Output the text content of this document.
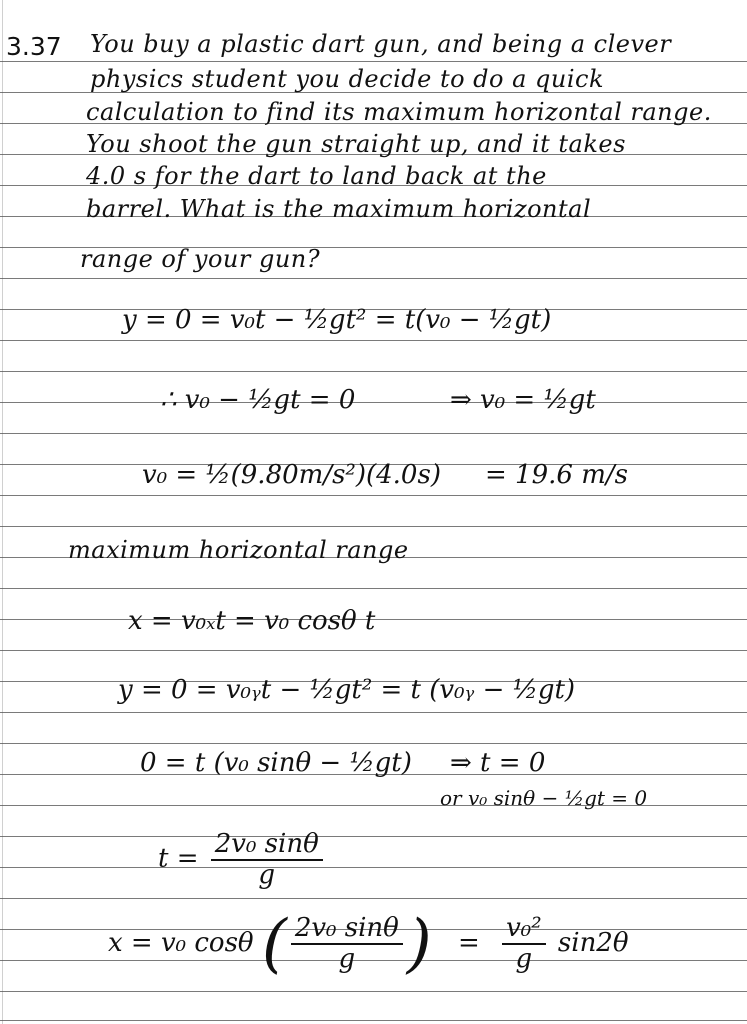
3.37 You buy a plastic dart gun, and being a clever
physics student you decide to do a quick
calculation to find its maximum horizontal range.
You shoot the gun straight up, and it takes
4.0 s for the dart to land back at the
barrel. What is the maximum horizontal
range of your gun?
y = 0 = v₀t − ½gt² = t(v₀ − ½gt)
∴ v₀ − ½gt = 0	⇒ v₀ = ½gt
v₀ = ½(9.80m/s²)(4.0s) = 19.6 m/s
maximum horizontal range
x = v₀ₓt = v₀ cosθ t
y = 0 = v₀ᵧt − ½gt² = t (v₀ᵧ − ½gt)
0 = t (v₀ sinθ − ½gt) ⇒ t = 0
or v₀ sinθ − ½gt = 0
$t = \frac{\text{2v₀ sinθ}}{g}$
x = v₀ cosθ ( $\frac{\text{2v₀ sinθ}}{g}$ ) = $\frac{\text{v₀²}}{g} \sin 2\theta$
